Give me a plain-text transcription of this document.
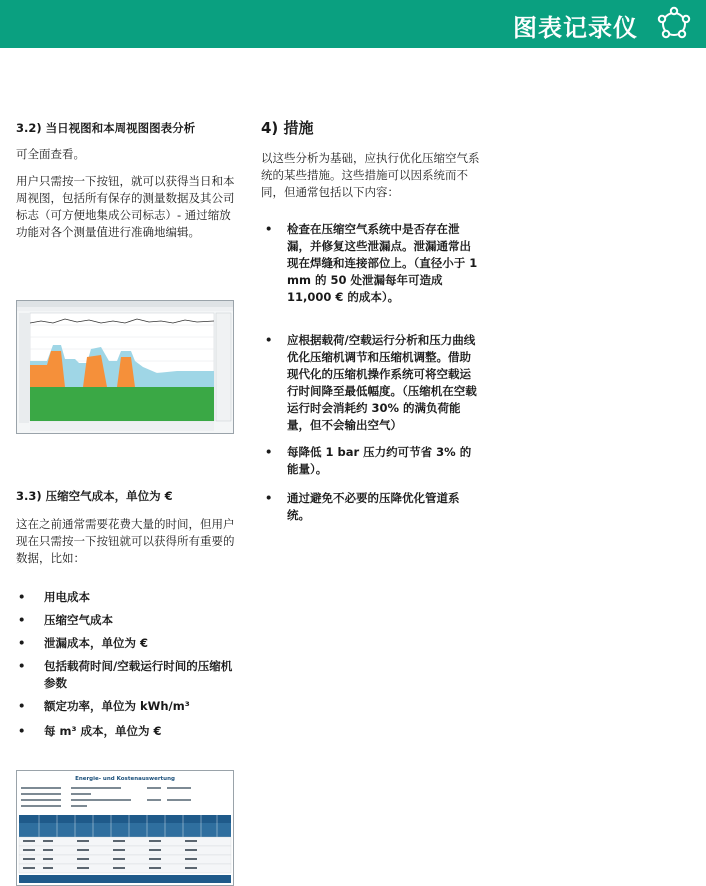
图表记录仪
3.2) 当日视图和本周视图图表分析
可全面查看。
用户只需按一下按钮，就可以获得当日和本周视图，包括所有保存的测量数据及其公司标志（可方便地集成公司标志）- 通过缩放功能对各个测量值进行准确地编辑。
3.3) 压缩空气成本，单位为 €
这在之前通常需要花费大量的时间，但用户现在只需按一下按钮就可以获得所有重要的数据，比如：
• 用电成本
• 压缩空气成本
• 泄漏成本，单位为 €
• 包括载荷时间/空载运行时间的压缩机参数
• 额定功率，单位为 kWh/m³
• 每 m³ 成本，单位为 €
Energie- und Kostenauswertung
4) 措施
以这些分析为基础，应执行优化压缩空气系统的某些措施。这些措施可以因系统而不同，但通常包括以下内容：
• 检查在压缩空气系统中是否存在泄漏，并修复这些泄漏点。泄漏通常出现在焊缝和连接部位上。（直径小于 1 mm 的 50 处泄漏每年可造成 11,000 € 的成本）。
• 应根据载荷/空载运行分析和压力曲线优化压缩机调节和压缩机调整。借助现代化的压缩机操作系统可将空载运行时间降至最低幅度。（压缩机在空载运行时会消耗约 30% 的满负荷能量，但不会输出空气）
• 每降低 1 bar 压力约可节省 3% 的能量）。
• 通过避免不必要的压降优化管道系统。
